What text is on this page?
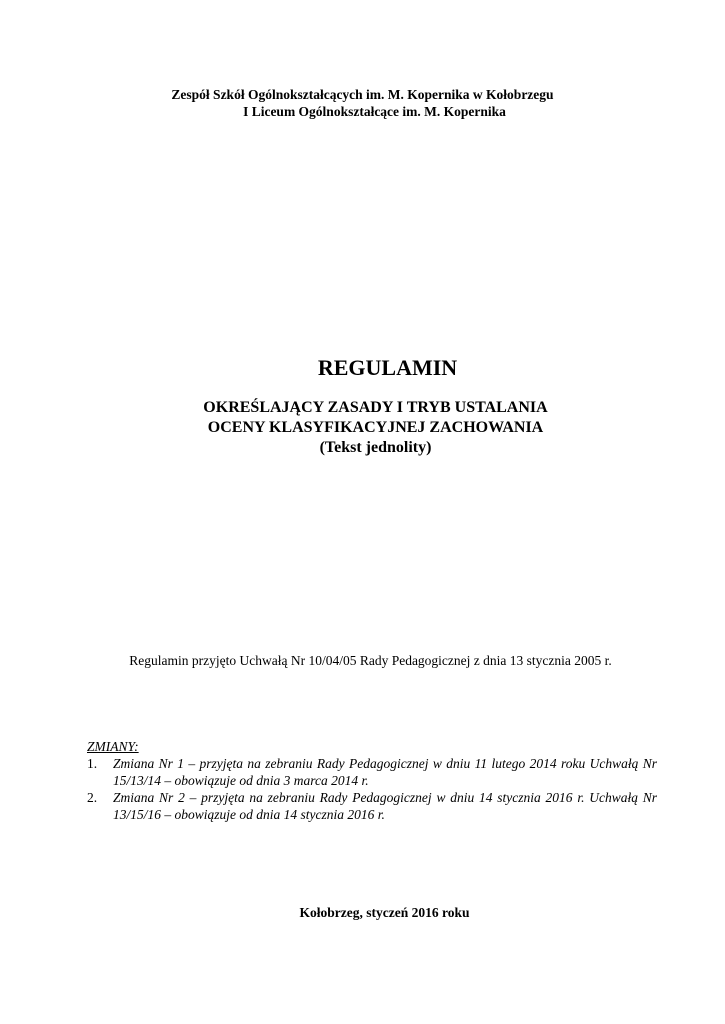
Zespół Szkół Ogólnokształcących im. M. Kopernika w Kołobrzegu

I Liceum Ogólnokształcące im. M. Kopernika

REGULAMIN

OKREŚLAJĄCY ZASADY I TRYB USTALANIA

OCENY KLASYFIKACYJNEJ ZACHOWANIA

(Tekst jednolity)

Regulamin przyjęto Uchwałą Nr 10/04/05 Rady Pedagogicznej z dnia 13 stycznia 2005 r.

ZMIANY:

1. Zmiana Nr 1 – przyjęta na zebraniu Rady Pedagogicznej w dniu 11 lutego 2014 roku Uchwałą Nr 15/13/14 – obowiązuje od dnia 3 marca 2014 r.
2. Zmiana Nr 2 – przyjęta na zebraniu Rady Pedagogicznej w dniu 14 stycznia 2016 r. Uchwałą Nr 13/15/16 – obowiązuje od dnia 14 stycznia 2016 r.

Kołobrzeg, styczeń 2016 roku
